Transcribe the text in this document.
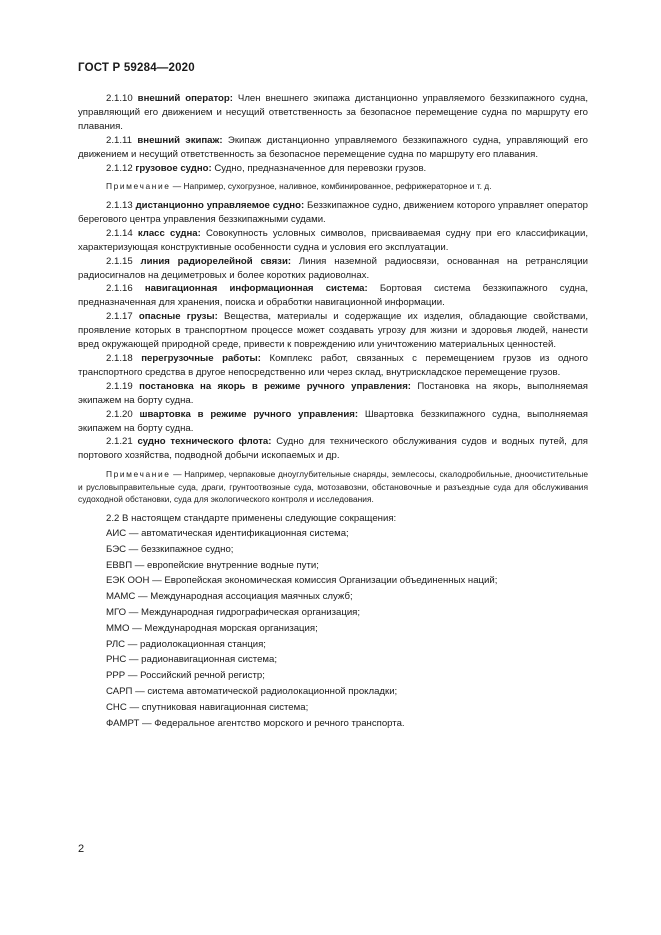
ГОСТ Р 59284—2020

2.1.10 внешний оператор: Член внешнего экипажа дистанционно управляемого беззкипажного судна, управляющий его движением и несущий ответственность за безопасное перемещение судна по маршруту его плавания.

2.1.11 внешний экипаж: Экипаж дистанционно управляемого беззкипажного судна, управляющий его движением и несущий ответственность за безопасное перемещение судна по маршруту его плавания.

2.1.12 грузовое судно: Судно, предназначенное для перевозки грузов.

Примечание — Например, сухогрузное, наливное, комбинированное, рефрижераторное и т. д.

2.1.13 дистанционно управляемое судно: Беззкипажное судно, движением которого управляет оператор берегового центра управления беззкипажными судами.

2.1.14 класс судна: Совокупность условных символов, присваиваемая судну при его классификации, характеризующая конструктивные особенности судна и условия его эксплуатации.

2.1.15 линия радиорелейной связи: Линия наземной радиосвязи, основанная на ретрансляции радиосигналов на дециметровых и более коротких радиоволнах.

2.1.16 навигационная информационная система: Бортовая система беззкипажного судна, предназначенная для хранения, поиска и обработки навигационной информации.

2.1.17 опасные грузы: Вещества, материалы и содержащие их изделия, обладающие свойствами, проявление которых в транспортном процессе может создавать угрозу для жизни и здоровья людей, нанести вред окружающей природной среде, привести к повреждению или уничтожению материальных ценностей.

2.1.18 перегрузочные работы: Комплекс работ, связанных с перемещением грузов из одного транспортного средства в другое непосредственно или через склад, внутрискладское перемещение грузов.

2.1.19 постановка на якорь в режиме ручного управления: Постановка на якорь, выполняемая экипажем на борту судна.

2.1.20 швартовка в режиме ручного управления: Швартовка беззкипажного судна, выполняемая экипажем на борту судна.

2.1.21 судно технического флота: Судно для технического обслуживания судов и водных путей, для портового хозяйства, подводной добычи ископаемых и др.

Примечание — Например, черпаковые дноуглубительные снаряды, землесосы, скалодробильные, дноочистительные и русловыправительные суда, драги, грунтоотвозные суда, мотозавозни, обстановочные и разъездные суда для обслуживания судоходной обстановки, суда для экологического контроля и исследования.

2.2 В настоящем стандарте применены следующие сокращения:

АИС — автоматическая идентификационная система;

БЭС — беззкипажное судно;

ЕВВП — европейские внутренние водные пути;

ЕЭК ООН — Европейская экономическая комиссия Организации объединенных наций;

МАМС — Международная ассоциация маячных служб;

МГО — Международная гидрографическая организация;

ММО — Международная морская организация;

РЛС — радиолокационная станция;

РНС — радионавигационная система;

РРР — Российский речной регистр;

САРП — система автоматической радиолокационной прокладки;

СНС — спутниковая навигационная система;

ФАМРТ — Федеральное агентство морского и речного транспорта.

2
